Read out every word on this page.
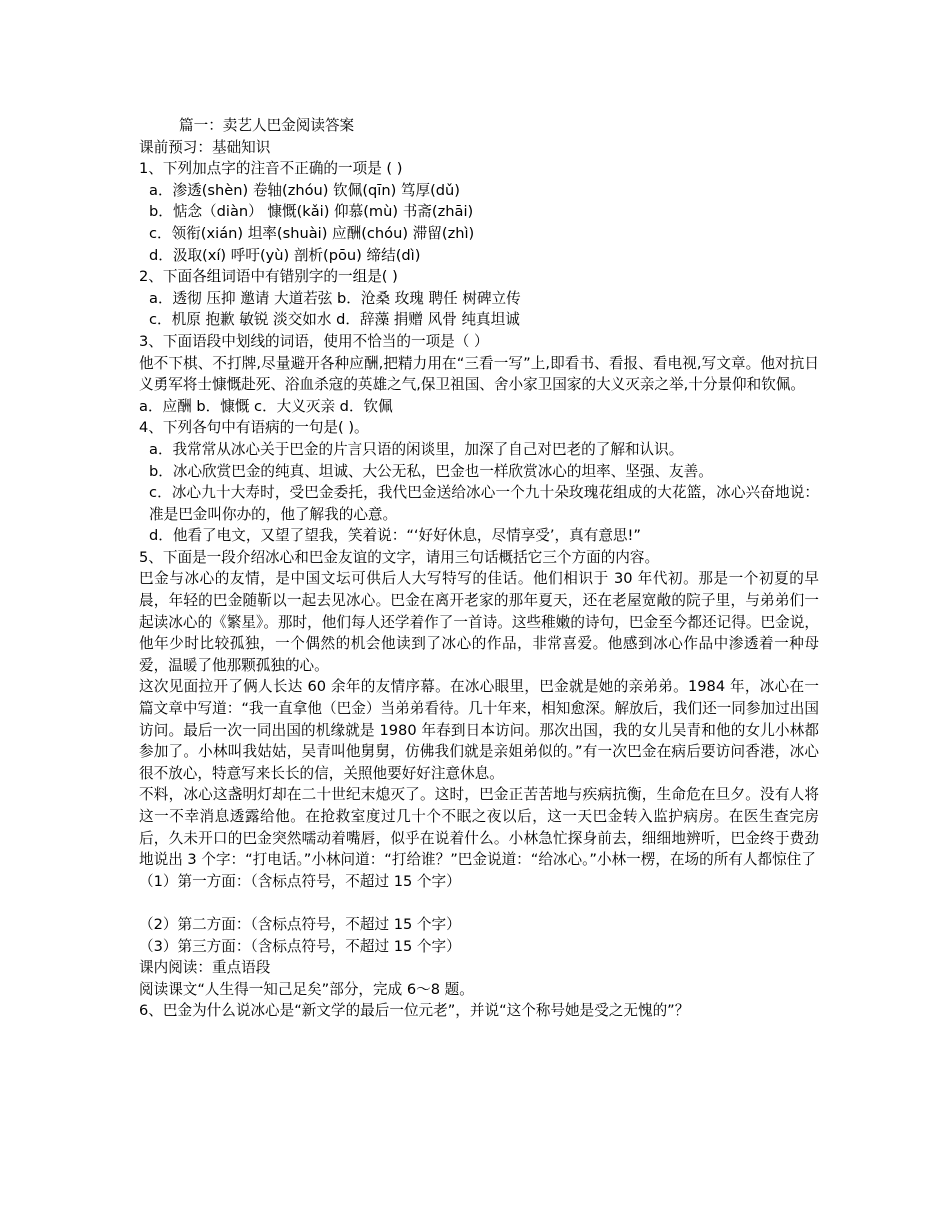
篇一：卖艺人巴金阅读答案
课前预习：基础知识
1、下列加点字的注音不正确的一项是 ( )
a．渗透(shèn) 卷轴(zhóu) 钦佩(qīn) 笃厚(dǔ)
b．惦念（diàn） 慷慨(kǎi) 仰慕(mù) 书斋(zhāi)
c．领衔(xián) 坦率(shuài) 应酬(chóu) 滞留(zhì)
d．汲取(xí) 呼吁(yù) 剖析(pōu) 缔结(dì)
2、下面各组词语中有错别字的一组是( )
a．透彻 压抑 邀请 大道若弦 b．沧桑 玫瑰 聘任 树碑立传
c．机原 抱歉 敏锐 淡交如水 d．辞藻 捐赠 风骨 纯真坦诚
3、下面语段中划线的词语，使用不恰当的一项是（ ）
他不下棋、不打牌,尽量避开各种应酬,把精力用在“三看一写”上,即看书、看报、看电视,写文章。他对抗日义勇军将士慷慨赴死、浴血杀寇的英雄之气,保卫祖国、舍小家卫国家的大义灭亲之举,十分景仰和钦佩。
a．应酬 b．慷慨 c．大义灭亲 d．钦佩
4、下列各句中有语病的一句是( )。
a．我常常从冰心关于巴金的片言只语的闲谈里，加深了自己对巴老的了解和认识。
b．冰心欣赏巴金的纯真、坦诚、大公无私，巴金也一样欣赏冰心的坦率、坚强、友善。
c．冰心九十大寿时，受巴金委托，我代巴金送给冰心一个九十朵玫瑰花组成的大花篮，冰心兴奋地说：准是巴金叫你办的，他了解我的心意。
d．他看了电文，又望了望我，笑着说：“‘好好休息，尽情享受’，真有意思!”
5、下面是一段介绍冰心和巴金友谊的文字，请用三句话概括它三个方面的内容。
巴金与冰心的友情，是中国文坛可供后人大写特写的佳话。他们相识于 30 年代初。那是一个初夏的早晨，年轻的巴金随靳以一起去见冰心。巴金在离开老家的那年夏天，还在老屋宽敞的院子里，与弟弟们一起读冰心的《繁星》。那时，他们每人还学着作了一首诗。这些稚嫩的诗句，巴金至今都还记得。巴金说，他年少时比较孤独，一个偶然的机会他读到了冰心的作品，非常喜爱。他感到冰心作品中渗透着一种母爱，温暖了他那颗孤独的心。
这次见面拉开了俩人长达 60 余年的友情序幕。在冰心眼里，巴金就是她的亲弟弟。1984 年，冰心在一篇文章中写道：“我一直拿他（巴金）当弟弟看待。几十年来，相知愈深。解放后，我们还一同参加过出国访问。最后一次一同出国的机缘就是 1980 年春到日本访问。那次出国，我的女儿吴青和他的女儿小林都参加了。小林叫我姑姑，吴青叫他舅舅，仿佛我们就是亲姐弟似的。”有一次巴金在病后要访问香港，冰心很不放心，特意写来长长的信，关照他要好好注意休息。
不料，冰心这盏明灯却在二十世纪末熄灭了。这时，巴金正苦苦地与疾病抗衡，生命危在旦夕。没有人将这一不幸消息透露给他。在抢救室度过几十个不眠之夜以后，这一天巴金转入监护病房。在医生查完房后，久未开口的巴金突然嚅动着嘴唇，似乎在说着什么。小林急忙探身前去，细细地辨听，巴金终于费劲地说出 3 个字：“打电话。”小林问道：“打给谁？”巴金说道：“给冰心。”小林一楞，在场的所有人都惊住了
（1）第一方面：（含标点符号，不超过 15 个字）
（2）第二方面：（含标点符号，不超过 15 个字）
（3）第三方面：（含标点符号，不超过 15 个字）
课内阅读：重点语段
阅读课文“人生得一知己足矣”部分，完成 6～8 题。
6、巴金为什么说冰心是“新文学的最后一位元老”，并说“这个称号她是受之无愧的”？
